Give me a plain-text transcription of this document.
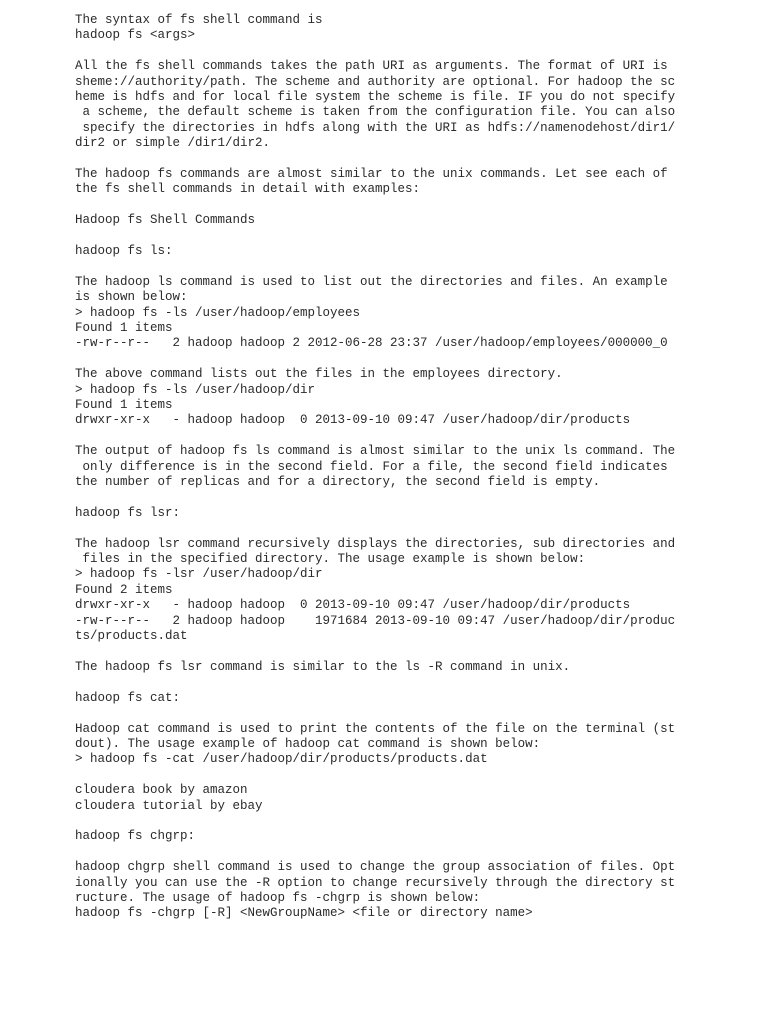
The syntax of fs shell command is
hadoop fs <args>
All the fs shell commands takes the path URI as arguments. The format of URI is
sheme://authority/path. The scheme and authority are optional. For hadoop the sc
heme is hdfs and for local file system the scheme is file. IF you do not specify
a scheme, the default scheme is taken from the configuration file. You can also
specify the directories in hdfs along with the URI as hdfs://namenodehost/dir1/
dir2 or simple /dir1/dir2.
The hadoop fs commands are almost similar to the unix commands. Let see each of
the fs shell commands in detail with examples:
Hadoop fs Shell Commands
hadoop fs ls:
The hadoop ls command is used to list out the directories and files. An example
is shown below:
> hadoop fs -ls /user/hadoop/employees
Found 1 items
-rw-r--r--   2 hadoop hadoop 2 2012-06-28 23:37 /user/hadoop/employees/000000_0
The above command lists out the files in the employees directory.
> hadoop fs -ls /user/hadoop/dir
Found 1 items
drwxr-xr-x   - hadoop hadoop  0 2013-09-10 09:47 /user/hadoop/dir/products
The output of hadoop fs ls command is almost similar to the unix ls command. The
only difference is in the second field. For a file, the second field indicates
the number of replicas and for a directory, the second field is empty.
hadoop fs lsr:
The hadoop lsr command recursively displays the directories, sub directories and
files in the specified directory. The usage example is shown below:
> hadoop fs -lsr /user/hadoop/dir
Found 2 items
drwxr-xr-x   - hadoop hadoop  0 2013-09-10 09:47 /user/hadoop/dir/products
-rw-r--r--   2 hadoop hadoop    1971684 2013-09-10 09:47 /user/hadoop/dir/produc
ts/products.dat
The hadoop fs lsr command is similar to the ls -R command in unix.
hadoop fs cat:
Hadoop cat command is used to print the contents of the file on the terminal (st
dout). The usage example of hadoop cat command is shown below:
> hadoop fs -cat /user/hadoop/dir/products/products.dat
cloudera book by amazon
cloudera tutorial by ebay
hadoop fs chgrp:
hadoop chgrp shell command is used to change the group association of files. Opt
ionally you can use the -R option to change recursively through the directory st
ructure. The usage of hadoop fs -chgrp is shown below:
hadoop fs -chgrp [-R] <NewGroupName> <file or directory name>
